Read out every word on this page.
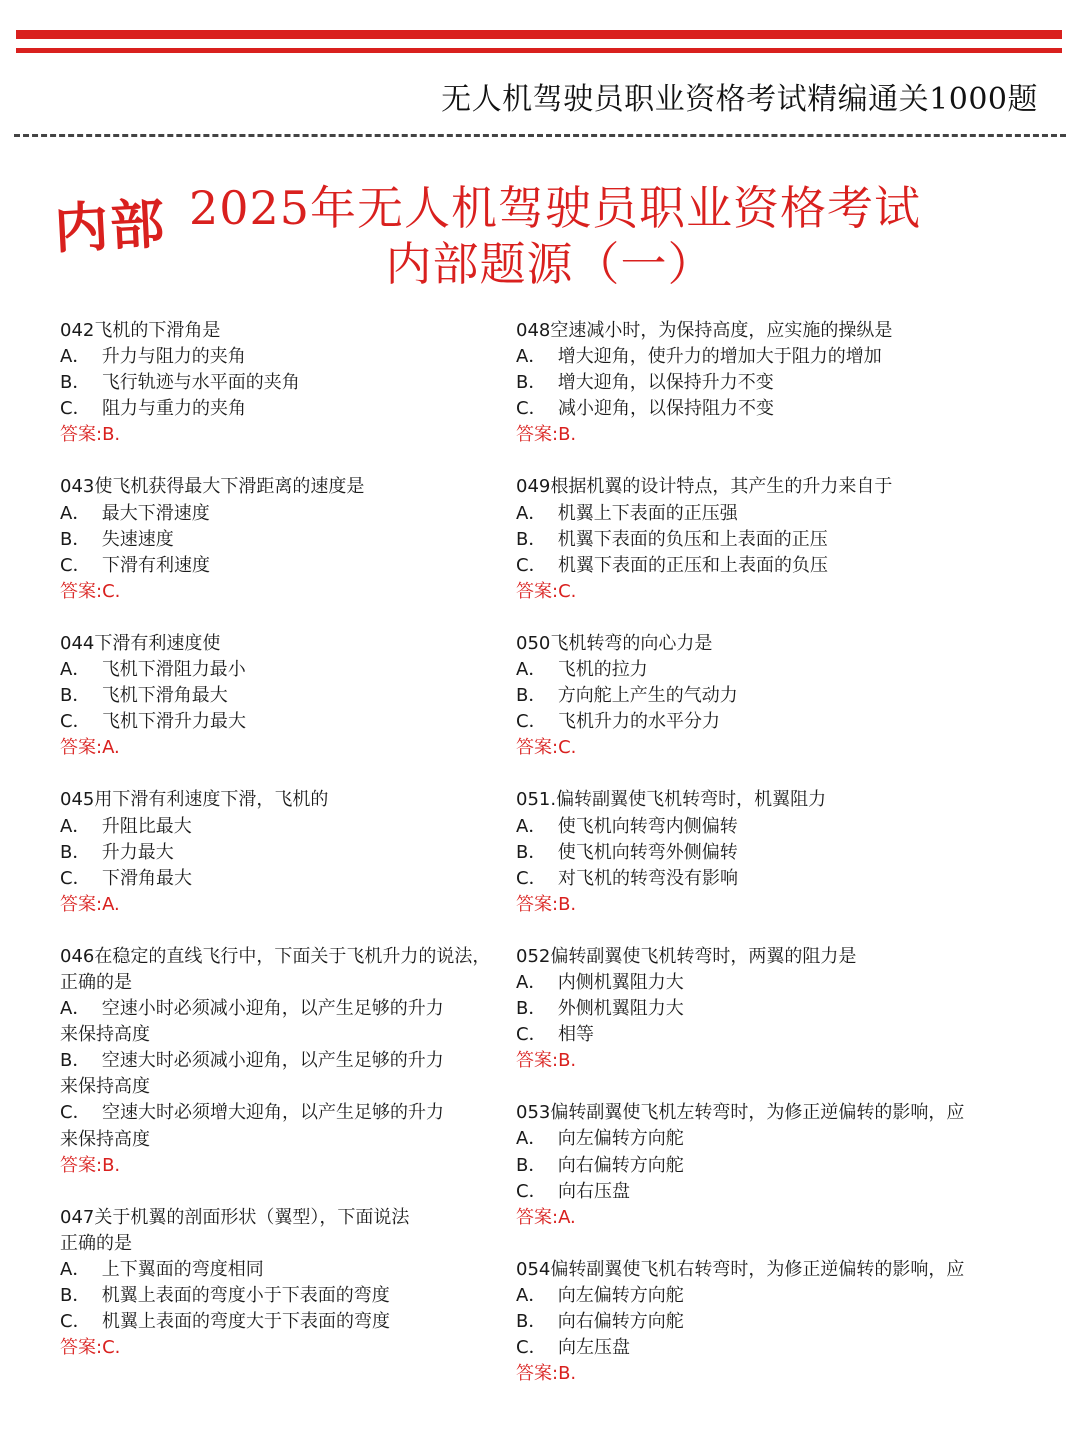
无人机驾驶员职业资格考试精编通关1000题
内部 2025年无人机驾驶员职业资格考试
内部题源（一）
042飞机的下滑角是
A．  升力与阻力的夹角
B．  飞行轨迹与水平面的夹角
C．  阻力与重力的夹角
答案:B.
043使飞机获得最大下滑距离的速度是
A．  最大下滑速度
B．  失速速度
C．  下滑有利速度
答案:C.
044下滑有利速度使
A．  飞机下滑阻力最小
B．  飞机下滑角最大
C．  飞机下滑升力最大
答案:A.
045用下滑有利速度下滑，飞机的
A．  升阻比最大
B．  升力最大
C．  下滑角最大
答案:A.
046在稳定的直线飞行中，下面关于飞机升力的说法，
正确的是
A．  空速小时必须减小迎角，以产生足够的升力
来保持高度
B．  空速大时必须减小迎角，以产生足够的升力
来保持高度
C．  空速大时必须增大迎角，以产生足够的升力
来保持高度
答案:B.
047关于机翼的剖面形状（翼型），下面说法
正确的是
A．  上下翼面的弯度相同
B．  机翼上表面的弯度小于下表面的弯度
C．  机翼上表面的弯度大于下表面的弯度
答案:C.
048空速减小时，为保持高度，应实施的操纵是
A．  增大迎角，使升力的增加大于阻力的增加
B．  增大迎角，以保持升力不变
C．  减小迎角，以保持阻力不变
答案:B.
049根据机翼的设计特点，其产生的升力来自于
A．  机翼上下表面的正压强
B．  机翼下表面的负压和上表面的正压
C．  机翼下表面的正压和上表面的负压
答案:C.
050飞机转弯的向心力是
A．  飞机的拉力
B．  方向舵上产生的气动力
C．  飞机升力的水平分力
答案:C.
051.偏转副翼使飞机转弯时，机翼阻力
A．  使飞机向转弯内侧偏转
B．  使飞机向转弯外侧偏转
C．  对飞机的转弯没有影响
答案:B.
052偏转副翼使飞机转弯时，两翼的阻力是
A．  内侧机翼阻力大
B．  外侧机翼阻力大
C．  相等
答案:B.
053偏转副翼使飞机左转弯时，为修正逆偏转的影响，应
A．  向左偏转方向舵
B．  向右偏转方向舵
C．  向右压盘
答案:A.
054偏转副翼使飞机右转弯时，为修正逆偏转的影响，应
A．  向左偏转方向舵
B．  向右偏转方向舵
C．  向左压盘
答案:B.
